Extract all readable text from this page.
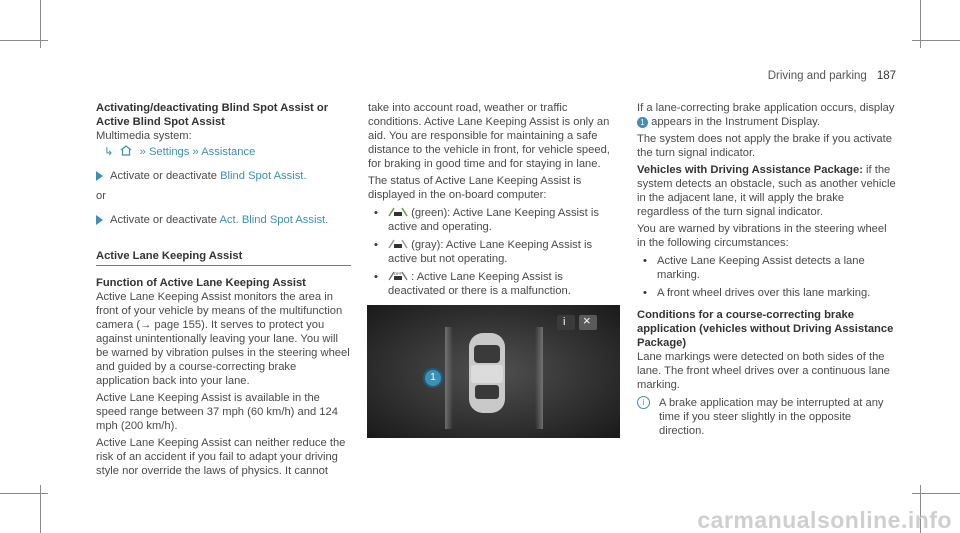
Driving and parking 187
Activating/deactivating Blind Spot Assist or
Active Blind Spot Assist
Multimedia system:
↳ » Settings » Assistance
Activate or deactivate Blind Spot Assist.
or
Activate or deactivate Act. Blind Spot Assist.
Active Lane Keeping Assist
Function of Active Lane Keeping Assist

Active Lane Keeping Assist monitors the area in front of your vehicle by means of the multifunction camera (→ page 155). It serves to protect you against unintentionally leaving your lane. You will be warned by vibration pulses in the steering wheel and guided by a course-correcting brake application back into your lane.

Active Lane Keeping Assist is available in the speed range between 37 mph (60 km/h) and 124 mph (200 km/h).

Active Lane Keeping Assist can neither reduce the risk of an accident if you fail to adapt your driving style nor override the laws of physics. It cannot

take into account road, weather or traffic conditions. Active Lane Keeping Assist is only an aid. You are responsible for maintaining a safe distance to the vehicle in front, for vehicle speed, for braking in good time and for staying in lane.

The status of Active Lane Keeping Assist is displayed in the on-board computer:

•	(green): Active Lane Keeping Assist is active and operating.
•	(gray): Active Lane Keeping Assist is active but not operating.
•	OFF : Active Lane Keeping Assist is deactivated or there is a malfunction.
i ×
1

If a lane-correcting brake application occurs, display 1 appears in the Instrument Display.

The system does not apply the brake if you activate the turn signal indicator.

Vehicles with Driving Assistance Package: if the system detects an obstacle, such as another vehicle in the adjacent lane, it will apply the brake regardless of the turn signal indicator.

You are warned by vibrations in the steering wheel in the following circumstances:

• Active Lane Keeping Assist detects a lane marking.
• A front wheel drives over this lane marking.
Conditions for a course-correcting brake application (vehicles without Driving Assistance Package)

Lane markings were detected on both sides of the lane. The front wheel drives over a continuous lane marking.

i	A brake application may be interrupted at any time if you steer slightly in the opposite direction.
carmanualsonline.info
